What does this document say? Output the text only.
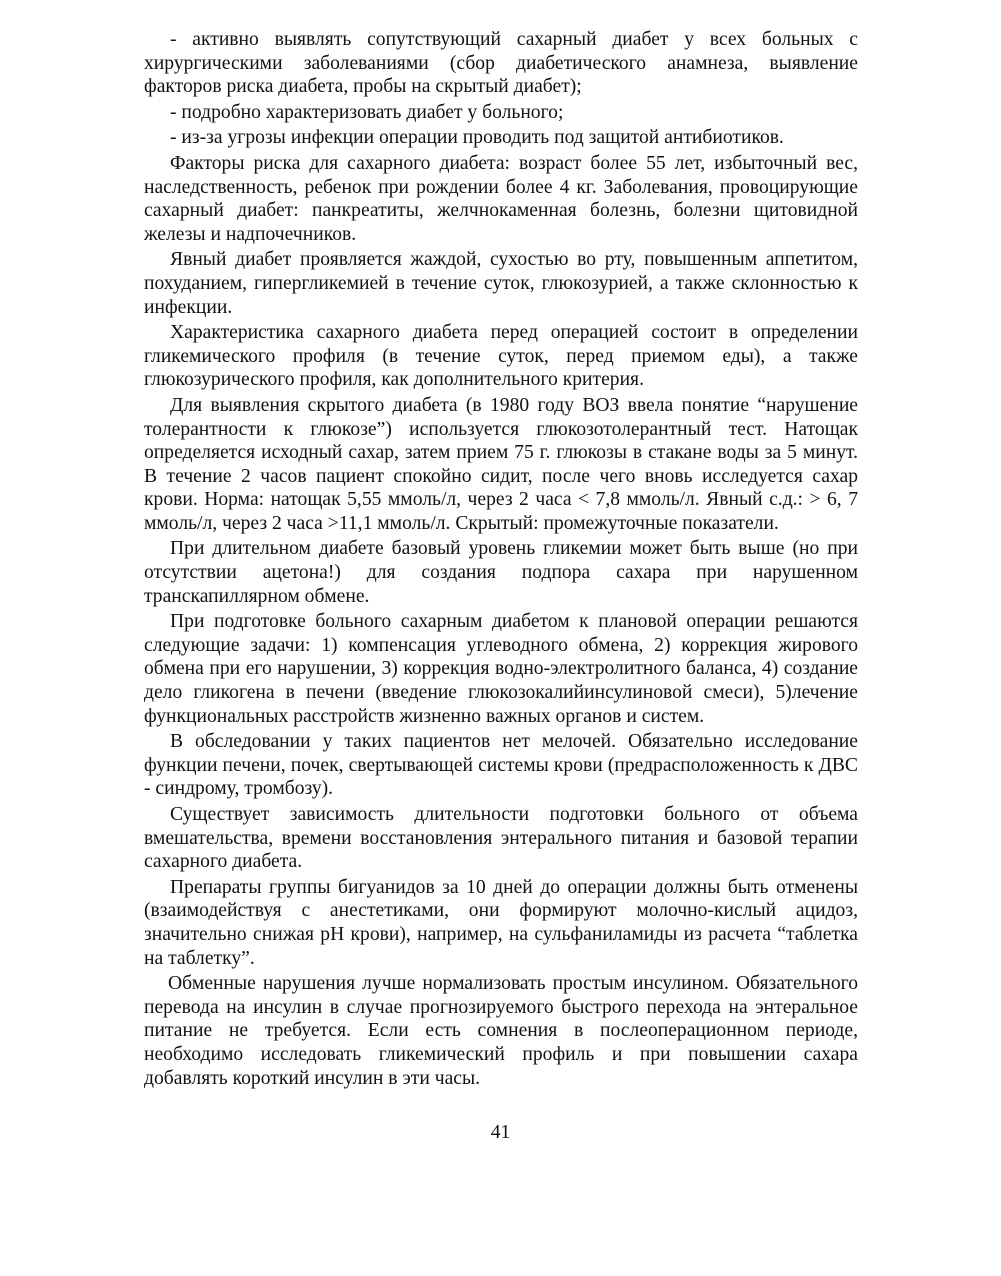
- активно выявлять сопутствующий сахарный диабет у всех больных с хирургическими заболеваниями (сбор диабетического анамнеза, выявление факторов риска диабета, пробы на скрытый диабет);

- подробно характеризовать диабет у больного;

- из-за угрозы инфекции операции проводить под защитой антибиотиков.

Факторы риска для сахарного диабета: возраст более 55 лет, избыточный вес, наследственность, ребенок при рождении более 4 кг. Заболевания, провоцирующие сахарный диабет: панкреатиты, желчнокаменная болезнь, болезни щитовидной железы и надпочечников.

Явный диабет проявляется жаждой, сухостью во рту, повышенным аппетитом, похуданием, гипергликемией в течение суток, глюкозурией, а также склонностью к инфекции.

Характеристика сахарного диабета перед операцией состоит в определении гликемического профиля (в течение суток, перед приемом еды), а также глюкозурического профиля, как дополнительного критерия.

Для выявления скрытого диабета (в 1980 году ВОЗ ввела понятие “нарушение толерантности к глюкозе”) используется глюкозотолерантный тест. Натощак определяется исходный сахар, затем прием 75 г. глюкозы в стакане воды за 5 минут. В течение 2 часов пациент спокойно сидит, после чего вновь исследуется сахар крови. Норма: натощак 5,55 ммоль/л, через 2 часа < 7,8 ммоль/л. Явный с.д.: > 6, 7 ммоль/л, через 2 часа >11,1 ммоль/л. Скрытый: промежуточные показатели.

При длительном диабете базовый уровень гликемии может быть выше (но при отсутствии ацетона!) для создания подпора сахара при нарушенном транскапиллярном обмене.

При подготовке больного сахарным диабетом к плановой операции решаются следующие задачи: 1) компенсация углеводного обмена, 2) коррекция жирового обмена при его нарушении, 3) коррекция водно-электролитного баланса, 4) создание дело гликогена в печени (введение глюкозокалийинсулиновой смеси), 5)лечение функциональных расстройств жизненно важных органов и систем.

В обследовании у таких пациентов нет мелочей. Обязательно исследование функции печени, почек, свертывающей системы крови (предрасположенность к ДВС - синдрому, тромбозу).

Существует зависимость длительности подготовки больного от объема вмешательства, времени восстановления энтерального питания и базовой терапии сахарного диабета.

Препараты группы бигуанидов за 10 дней до операции должны быть отменены (взаимодействуя с анестетиками, они формируют молочно-кислый ацидоз, значительно снижая pH крови), например, на сульфаниламиды из расчета “таблетка на таблетку”.

Обменные нарушения лучше нормализовать простым инсулином. Обязательного перевода на инсулин в случае прогнозируемого быстрого перехода на энтеральное питание не требуется. Если есть сомнения в послеоперационном периоде, необходимо исследовать гликемический профиль и при повышении сахара добавлять короткий инсулин в эти часы.

41
